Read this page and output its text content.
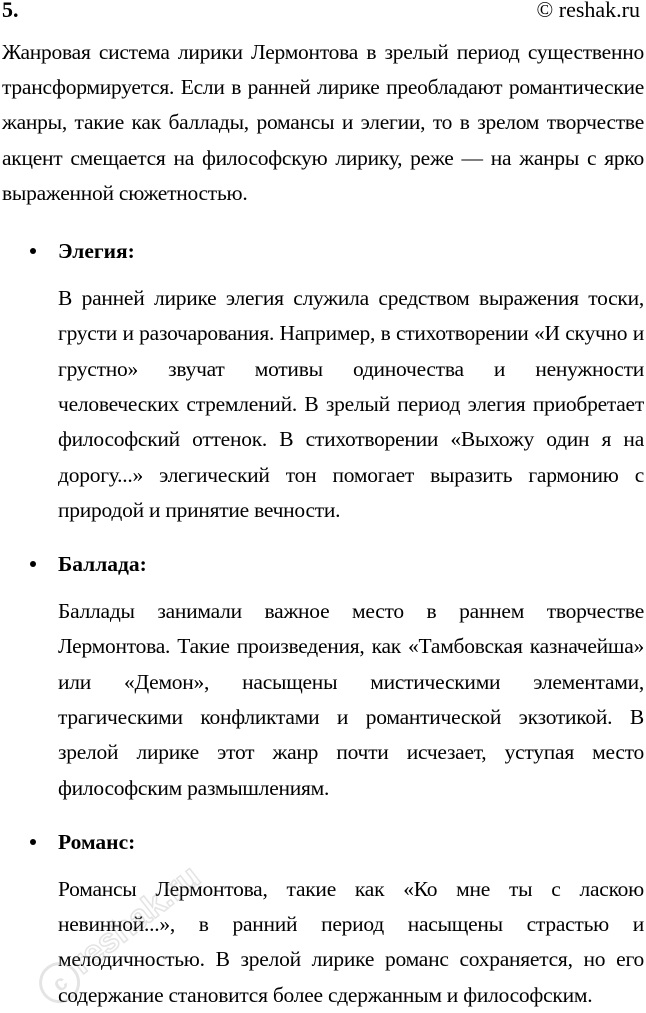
5.	© reshak.ru

Жанровая система лирики Лермонтова в зрелый период существенно трансформируется. Если в ранней лирике преобладают романтические жанры, такие как баллады, романсы и элегии, то в зрелом творчестве акцент смещается на философскую лирику, реже — на жанры с ярко выраженной сюжетностью.

Элегия:

В ранней лирике элегия служила средством выражения тоски, грусти и разочарования. Например, в стихотворении «И скучно и грустно» звучат мотивы одиночества и ненужности человеческих стремлений. В зрелый период элегия приобретает философский оттенок. В стихотворении «Выхожу один я на дорогу...» элегический тон помогает выразить гармонию с природой и принятие вечности.

Баллада:

Баллады занимали важное место в раннем творчестве Лермонтова. Такие произведения, как «Тамбовская казначейша» или «Демон», насыщены мистическими элементами, трагическими конфликтами и романтической экзотикой. В зрелой лирике этот жанр почти исчезает, уступая место философским размышлениям.

Романс:

Романсы Лермонтова, такие как «Ко мне ты с ласкою невинной...», в ранний период насыщены страстью и мелодичностью. В зрелой лирике романс сохраняется, но его содержание становится более сдержанным и философским.

c
reshak.ru
